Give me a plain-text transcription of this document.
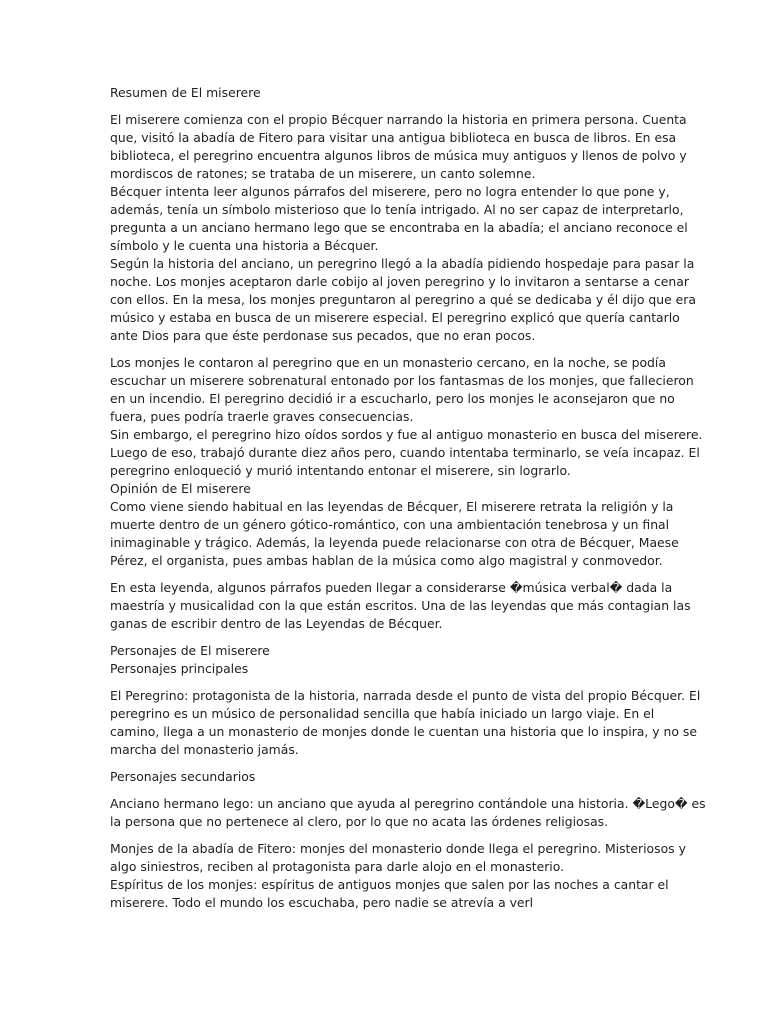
Resumen de El miserere
El miserere comienza con el propio Bécquer narrando la historia en primera persona. Cuenta
que, visitó la abadía de Fitero para visitar una antigua biblioteca en busca de libros. En esa
biblioteca, el peregrino encuentra algunos libros de música muy antiguos y llenos de polvo y
mordiscos de ratones; se trataba de un miserere, un canto solemne.
Bécquer intenta leer algunos párrafos del miserere, pero no logra entender lo que pone y,
además, tenía un símbolo misterioso que lo tenía intrigado. Al no ser capaz de interpretarlo,
pregunta a un anciano hermano lego que se encontraba en la abadía; el anciano reconoce el
símbolo y le cuenta una historia a Bécquer.
Según la historia del anciano, un peregrino llegó a la abadía pidiendo hospedaje para pasar la
noche. Los monjes aceptaron darle cobijo al joven peregrino y lo invitaron a sentarse a cenar
con ellos. En la mesa, los monjes preguntaron al peregrino a qué se dedicaba y él dijo que era
músico y estaba en busca de un miserere especial. El peregrino explicó que quería cantarlo
ante Dios para que éste perdonase sus pecados, que no eran pocos.
Los monjes le contaron al peregrino que en un monasterio cercano, en la noche, se podía
escuchar un miserere sobrenatural entonado por los fantasmas de los monjes, que fallecieron
en un incendio. El peregrino decidió ir a escucharlo, pero los monjes le aconsejaron que no
fuera, pues podría traerle graves consecuencias.
Sin embargo, el peregrino hizo oídos sordos y fue al antiguo monasterio en busca del miserere.
Luego de eso, trabajó durante diez años pero, cuando intentaba terminarlo, se veía incapaz. El
peregrino enloqueció y murió intentando entonar el miserere, sin lograrlo.
Opinión de El miserere
Como viene siendo habitual en las leyendas de Bécquer, El miserere retrata la religión y la
muerte dentro de un género gótico-romántico, con una ambientación tenebrosa y un final
inimaginable y trágico. Además, la leyenda puede relacionarse con otra de Bécquer, Maese
Pérez, el organista, pues ambas hablan de la música como algo magistral y conmovedor.
En esta leyenda, algunos párrafos pueden llegar a considerarse �música verbal� dada la
maestría y musicalidad con la que están escritos. Una de las leyendas que más contagian las
ganas de escribir dentro de las Leyendas de Bécquer.
Personajes de El miserere
Personajes principales
El Peregrino: protagonista de la historia, narrada desde el punto de vista del propio Bécquer. El
peregrino es un músico de personalidad sencilla que había iniciado un largo viaje. En el
camino, llega a un monasterio de monjes donde le cuentan una historia que lo inspira, y no se
marcha del monasterio jamás.
Personajes secundarios
Anciano hermano lego: un anciano que ayuda al peregrino contándole una historia. �Lego� es
la persona que no pertenece al clero, por lo que no acata las órdenes religiosas.
Monjes de la abadía de Fitero: monjes del monasterio donde llega el peregrino. Misteriosos y
algo siniestros, reciben al protagonista para darle alojo en el monasterio.
Espíritus de los monjes: espíritus de antiguos monjes que salen por las noches a cantar el
miserere. Todo el mundo los escuchaba, pero nadie se atrevía a verl
